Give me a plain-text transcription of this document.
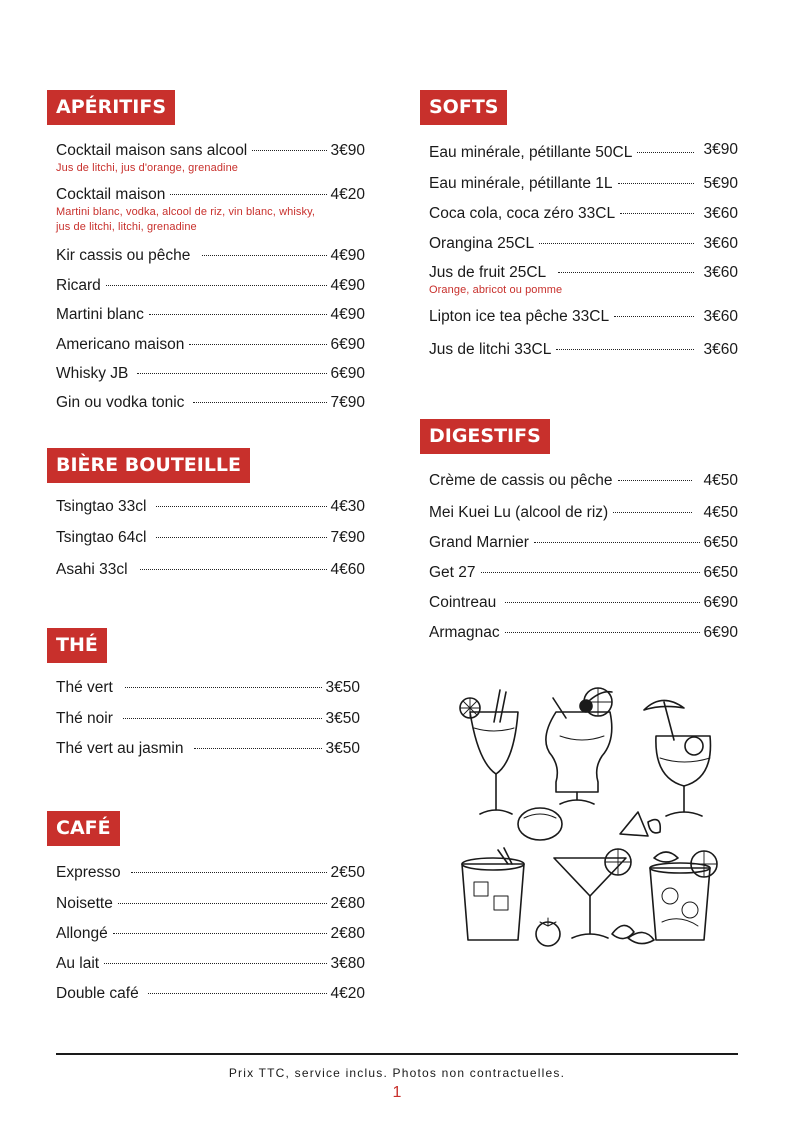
APÉRITIFS
Cocktail maison sans alcool	3€90
Jus de litchi, jus d'orange, grenadine
Cocktail maison	4€20
Martini blanc, vodka, alcool de riz, vin blanc, whisky,
jus de litchi, litchi, grenadine
Kir cassis ou pêche	4€90
Ricard	4€90
Martini blanc	4€90
Americano maison	6€90
Whisky JB	6€90
Gin ou vodka tonic	7€90
BIÈRE BOUTEILLE
Tsingtao 33cl	4€30
Tsingtao 64cl	7€90
Asahi 33cl	4€60
THÉ
Thé vert	3€50
Thé noir	3€50
Thé vert au jasmin	3€50
CAFÉ
Expresso	2€50
Noisette	2€80
Allongé	2€80
Au lait	3€80
Double café	4€20
SOFTS
Eau minérale, pétillante 50CL	3€90
Eau minérale, pétillante 1L	5€90
Coca cola, coca zéro 33CL	3€60
Orangina 25CL	3€60
Jus de fruit 25CL	3€60
Orange, abricot ou pomme
Lipton ice tea pêche 33CL	3€60
Jus de litchi 33CL	3€60
DIGESTIFS
Crème de cassis ou pêche	4€50
Mei Kuei Lu (alcool de riz)	4€50
Grand Marnier	6€50
Get 27	6€50
Cointreau	6€90
Armagnac	6€90
Prix TTC, service inclus. Photos non contractuelles.
1
